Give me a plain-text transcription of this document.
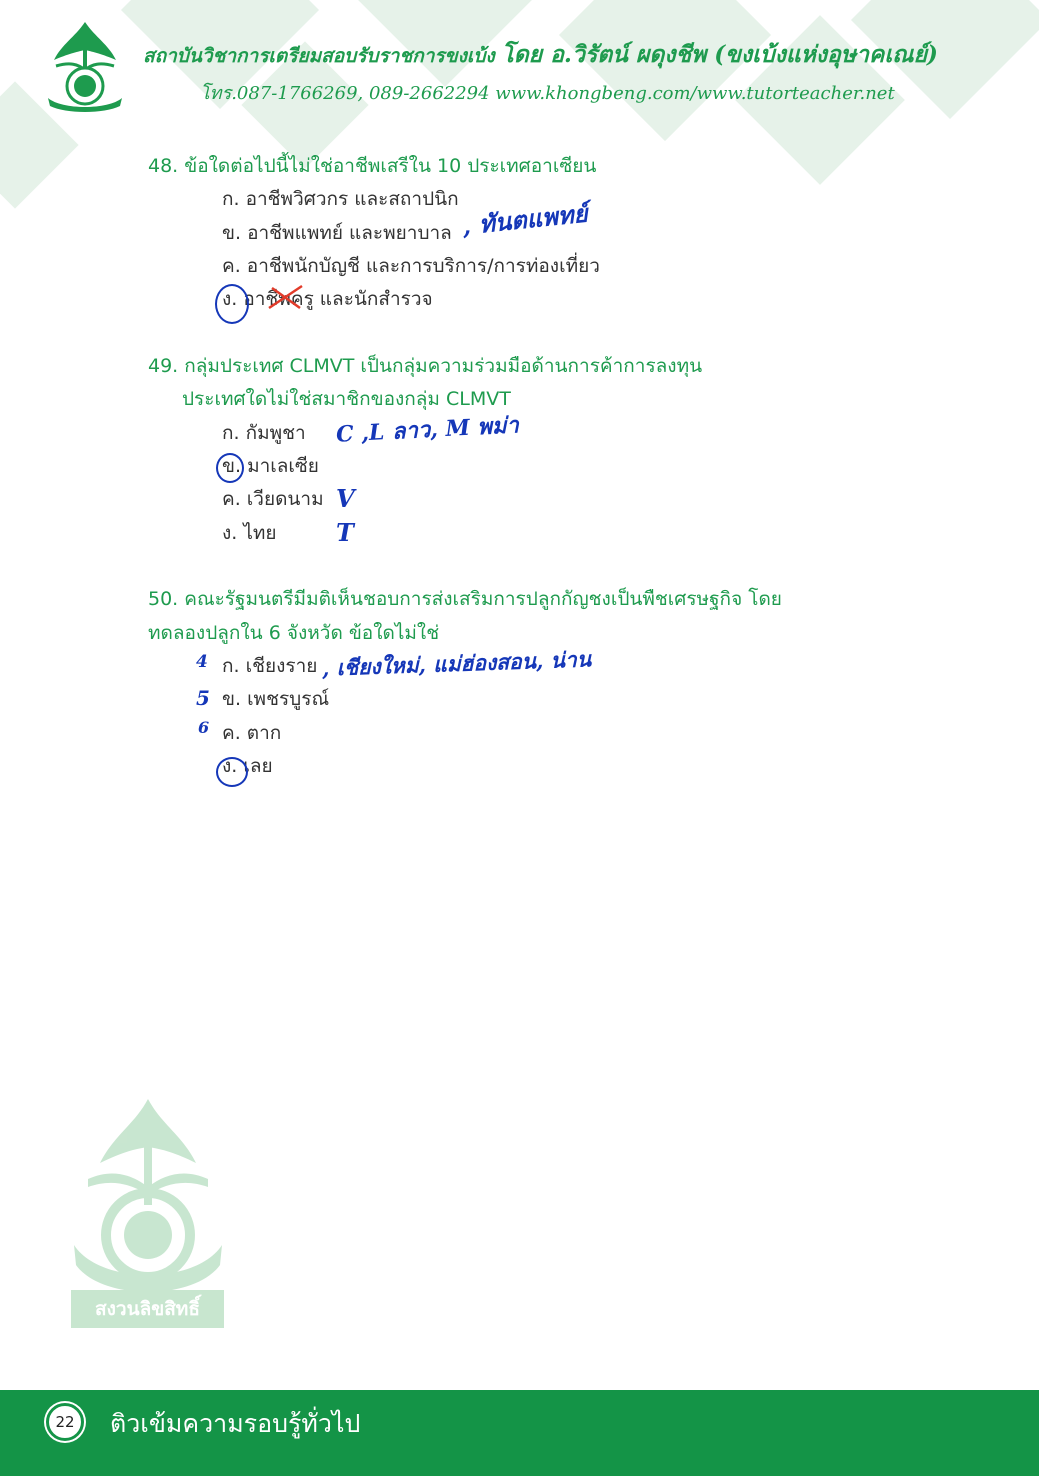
สถาบันวิชาการเตรียมสอบรับราชการขงเบ้ง โดย อ.วิรัตน์ ผดุงชีพ (ขงเบ้งแห่งอุษาคเณย์)
โทร.087-1766269, 089-2662294 www.khongbeng.com/www.tutorteacher.net
48. ข้อใดต่อไปนี้ไม่ใช่อาชีพเสรีใน 10 ประเทศอาเซียน
ก. อาชีพวิศวกร และสถาปนิก
ข. อาชีพแพทย์ และพยาบาล
ค. อาชีพนักบัญชี และการบริการ/การท่องเที่ยว
ง. อาชีพครู และนักสำรวจ
, ทันตแพทย์
49. กลุ่มประเทศ CLMVT เป็นกลุ่มความร่วมมือด้านการค้าการลงทุน
ประเทศใดไม่ใช่สมาชิกของกลุ่ม CLMVT
ก. กัมพูชา
ข. มาเลเซีย
ค. เวียดนาม
ง. ไทย
C ,L ลาว, M พม่า
V
T
50. คณะรัฐมนตรีมีมติเห็นชอบการส่งเสริมการปลูกกัญชงเป็นพืชเศรษฐกิจ โดย
ทดลองปลูกใน 6 จังหวัด ข้อใดไม่ใช่
ก. เชียงราย
ข. เพชรบูรณ์
ค. ตาก
ง. เลย
, เชียงใหม่, แม่ฮ่องสอน, น่าน
4
5
6
สงวนลิขสิทธิ์
22	ติวเข้มความรอบรู้ทั่วไป
